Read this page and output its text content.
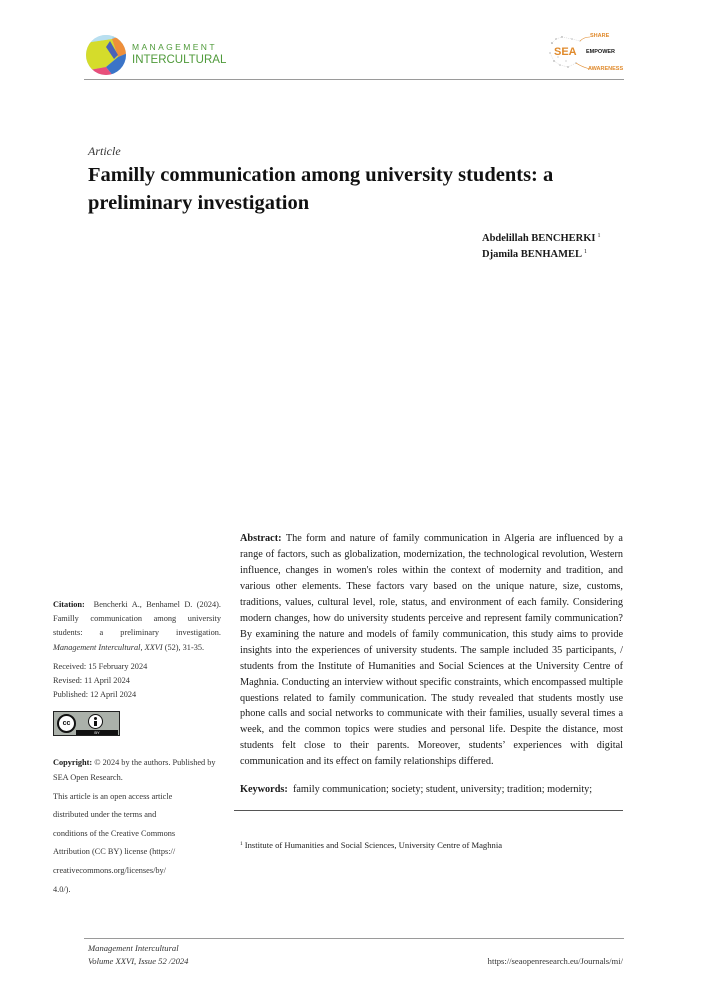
MANAGEMENT
INTERCULTURAL
SEA
SHARE
EMPOWER
AWARENESS
Article
Familly communication among university students: a preliminary investigation
Abdelillah BENCHERKI $^1$
Djamila BENHAMEL $^1$
Citation: Bencherki A., Benhamel D. (2024). Familly communication among university students: a preliminary investigation. Management Intercultural, XXVI (52), 31-35.
Received: 15 February 2024
Revised: 11 April 2024
Published: 12 April 2024
cc
BY
Copyright: © 2024 by the authors. Published by SEA Open Research.
This article is an open access article
distributed under the terms and
conditions of the Creative Commons
Attribution (CC BY) license (https://
creativecommons.org/licenses/by/
4.0/).
Abstract: The form and nature of family communication in Algeria are influenced by a range of factors, such as globalization, modernization, the technological revolution, Western influence, changes in women's roles within the context of modernity and tradition, and various other elements. These factors vary based on the unique nature, size, customs, traditions, values, cultural level, role, status, and environment of each family. Considering modern changes, how do university students perceive and represent family communication? By examining the nature and models of family communication, this study aims to provide insights into the experiences of university students. The sample included 35 participants, / students from the Institute of Humanities and Social Sciences at the University Centre of Maghnia. Conducting an interview without specific constraints, which encompassed multiple questions related to family communication. The study revealed that students mostly use phone calls and social networks to communicate with their families, usually several times a week, and the common topics were studies and personal life. Despite the distance, most students felt close to their parents. Moreover, students’ experiences with digital communication and its effect on family relationships differed.
Keywords: family communication; society; student, university; tradition; modernity;
$^1$ Institute of Humanities and Social Sciences, University Centre of Maghnia
Management Intercultural
Volume XXVI, Issue 52 /2024	https://seaopenresearch.eu/Journals/mi/
